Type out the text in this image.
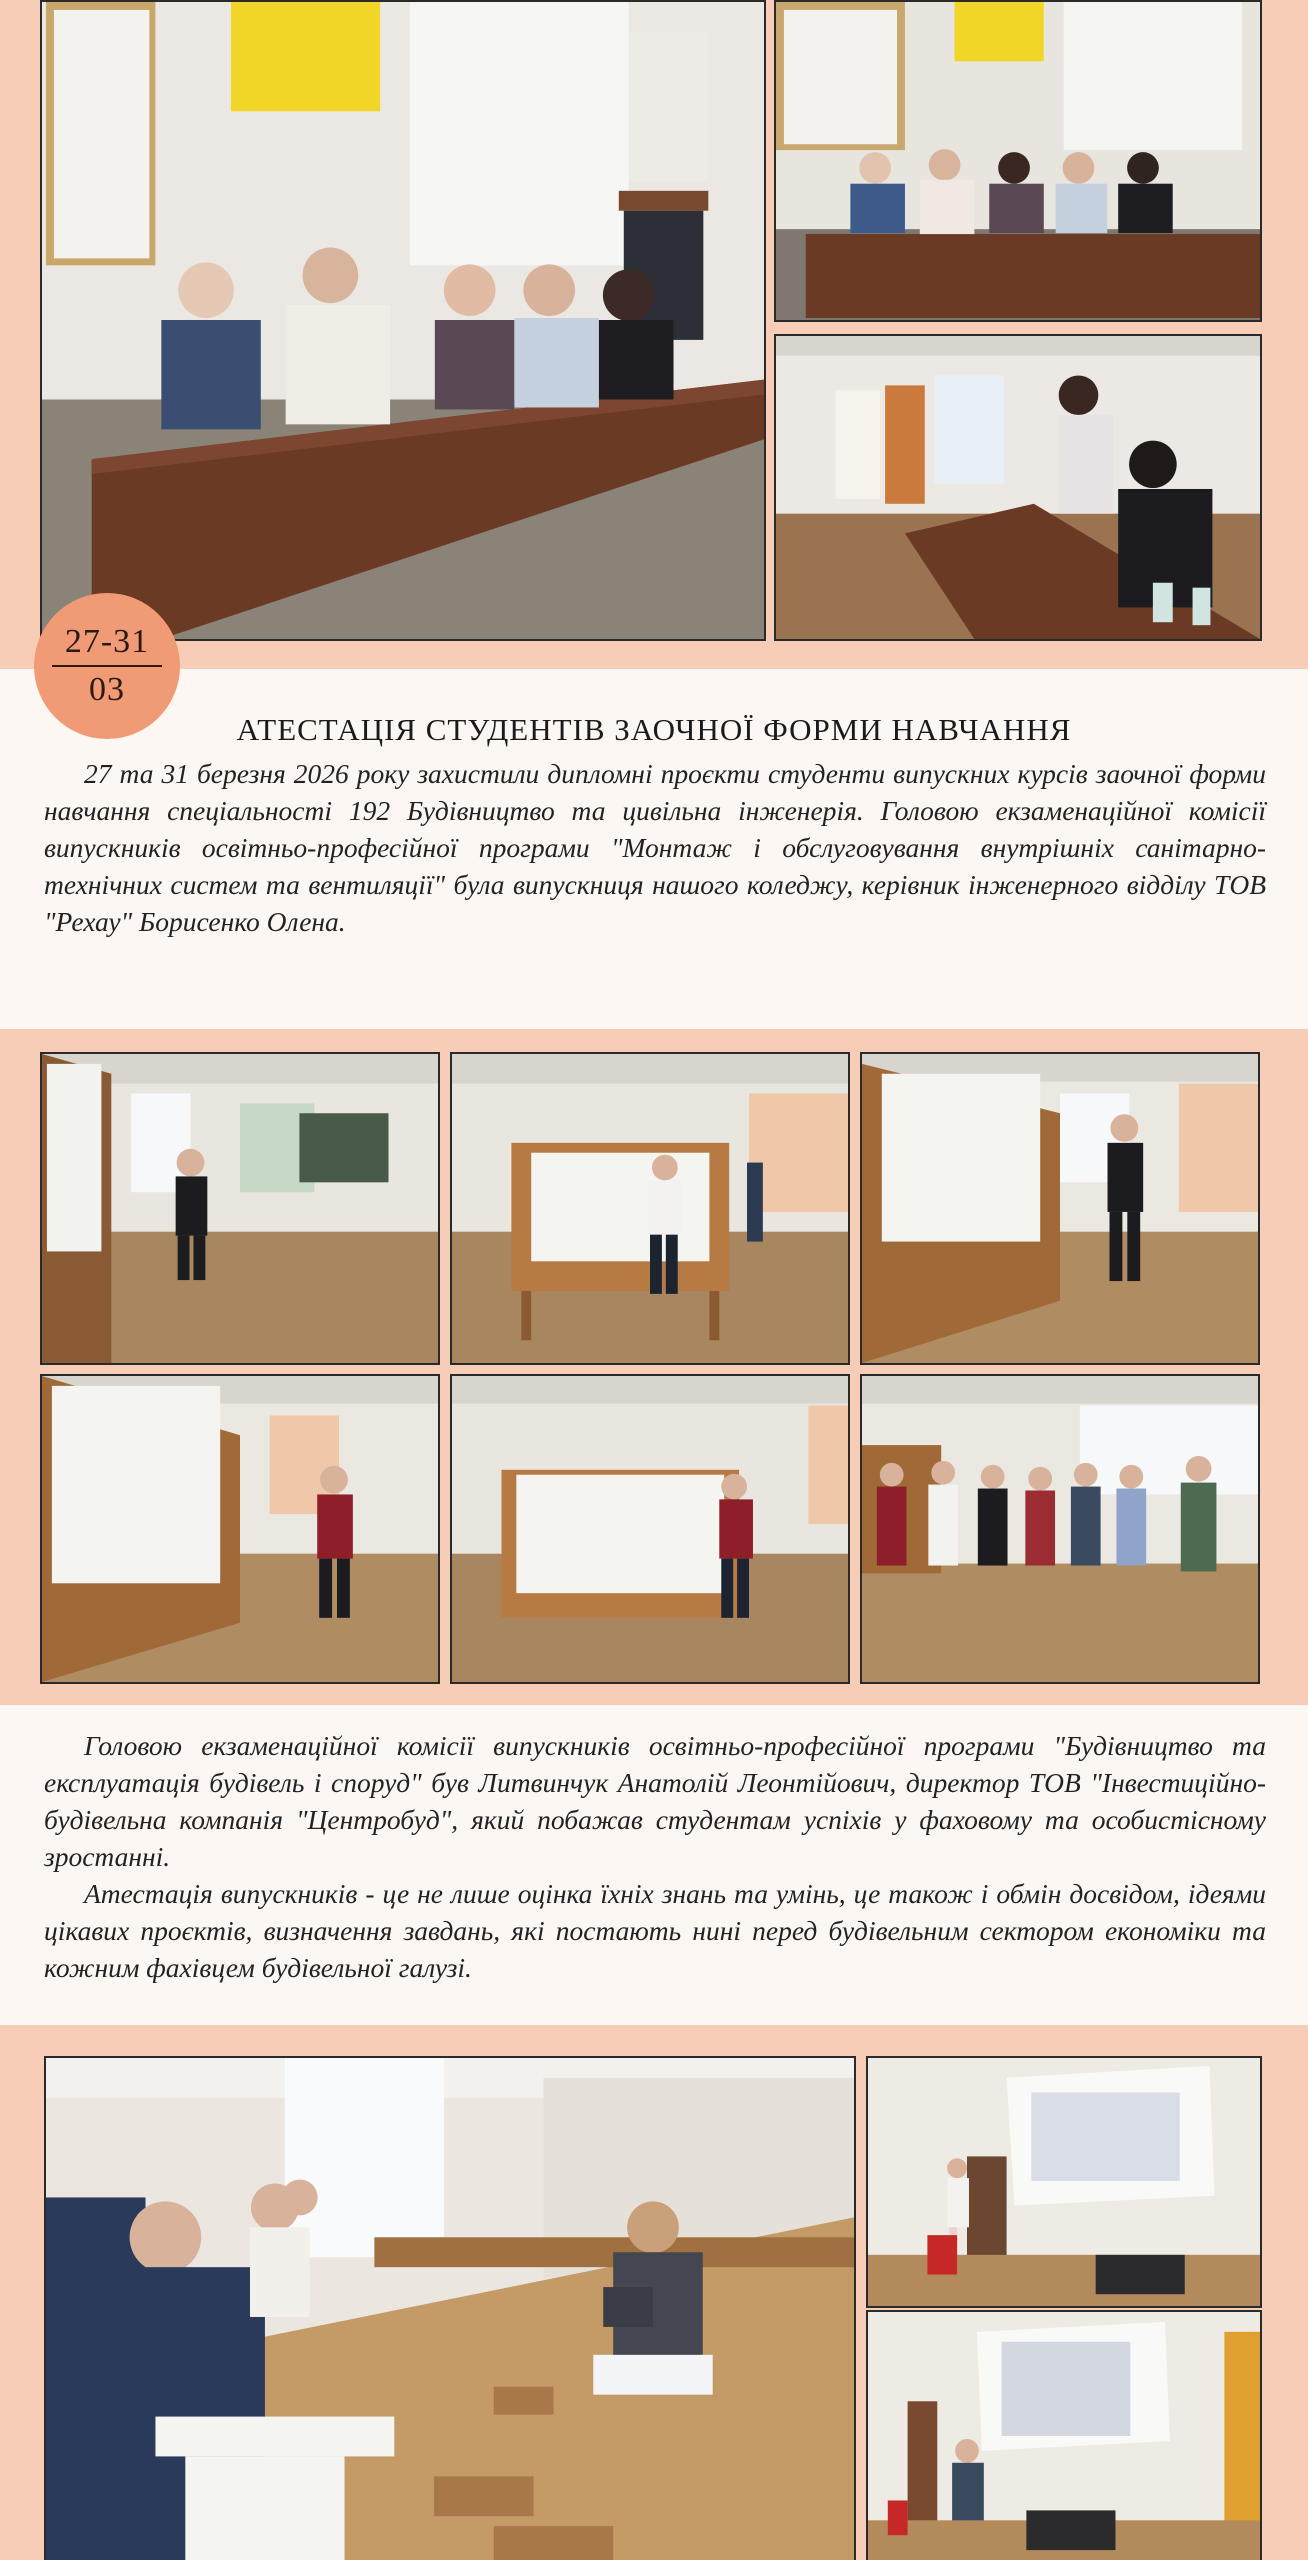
27-31
03
АТЕСТАЦІЯ СТУДЕНТІВ ЗАОЧНОЇ ФОРМИ НАВЧАННЯ

27 та 31 березня 2026 року захистили дипломні проєкти студенти випускних курсів заочної форми навчання спеціальності 192 Будівництво та цивільна інженерія. Головою екзаменаційної комісії випускників освітньо-професійної програми "Монтаж і обслуговування внутрішніх санітарно-технічних систем та вентиляції" була випускниця нашого коледжу, керівник інженерного відділу ТОВ "Рехау" Борисенко Олена.

Головою екзаменаційної комісії випускників освітньо-професійної програми "Будівництво та експлуатація будівель і споруд" був Литвинчук Анатолій Леонтійович, директор ТОВ "Інвестиційно-будівельна компанія "Центробуд", який побажав студентам успіхів у фаховому та особистісному зростанні.

Атестація випускників - це не лише оцінка їхніх знань та умінь, це також і обмін досвідом, ідеями цікавих проєктів, визначення завдань, які постають нині перед будівельним сектором економіки та кожним фахівцем будівельної галузі.
